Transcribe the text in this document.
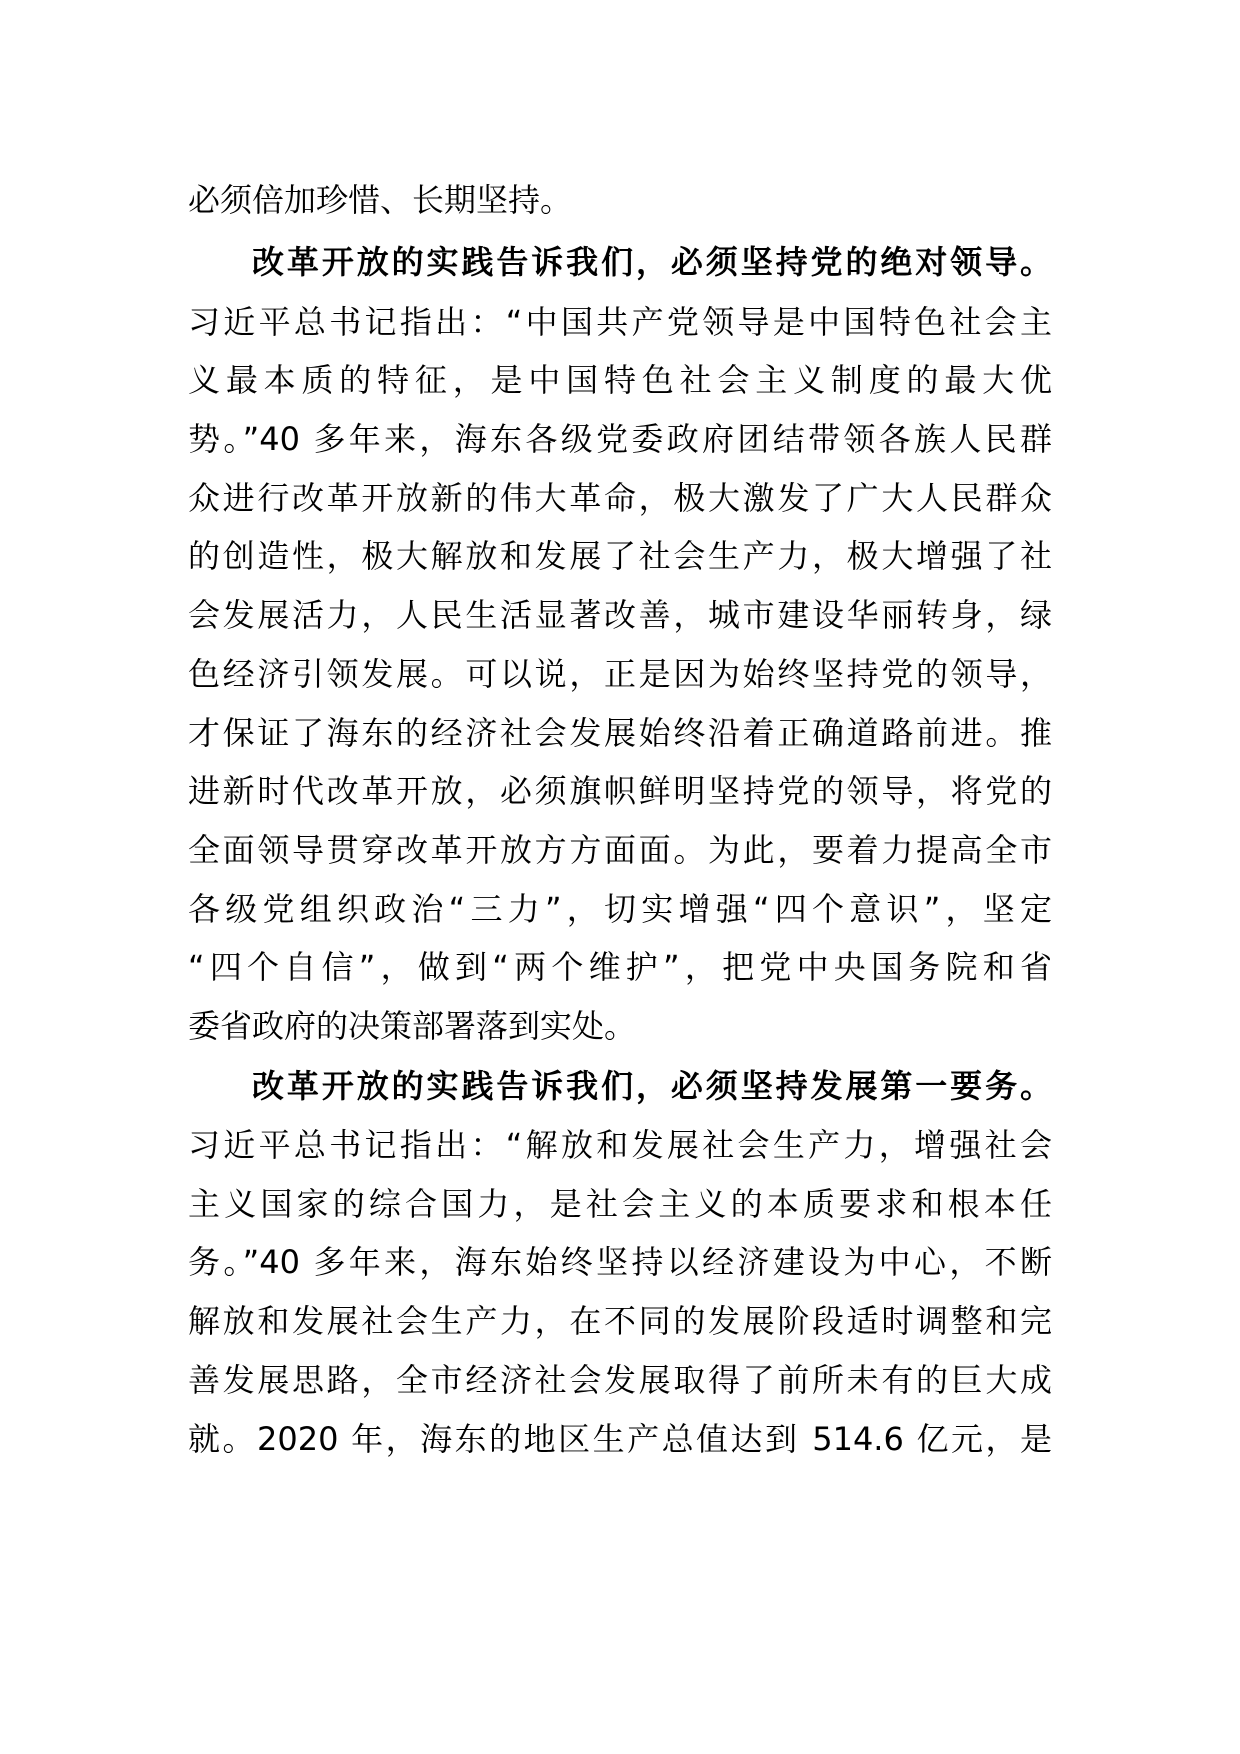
必须倍加珍惜、长期坚持。

改革开放的实践告诉我们，必须坚持党的绝对领导。

习近平总书记指出：“中国共产党领导是中国特色社会主

义最本质的特征，是中国特色社会主义制度的最大优

势。”40 多年来，海东各级党委政府团结带领各族人民群

众进行改革开放新的伟大革命，极大激发了广大人民群众

的创造性，极大解放和发展了社会生产力，极大增强了社

会发展活力，人民生活显著改善，城市建设华丽转身，绿

色经济引领发展。可以说，正是因为始终坚持党的领导，

才保证了海东的经济社会发展始终沿着正确道路前进。推

进新时代改革开放，必须旗帜鲜明坚持党的领导，将党的

全面领导贯穿改革开放方方面面。为此，要着力提高全市

各级党组织政治“三力”，切实增强“四个意识”，坚定

“四个自信”，做到“两个维护”，把党中央国务院和省

委省政府的决策部署落到实处。

改革开放的实践告诉我们，必须坚持发展第一要务。

习近平总书记指出：“解放和发展社会生产力，增强社会

主义国家的综合国力，是社会主义的本质要求和根本任

务。”40 多年来，海东始终坚持以经济建设为中心，不断

解放和发展社会生产力，在不同的发展阶段适时调整和完

善发展思路，全市经济社会发展取得了前所未有的巨大成

就。2020 年，海东的地区生产总值达到 514.6 亿元，是
